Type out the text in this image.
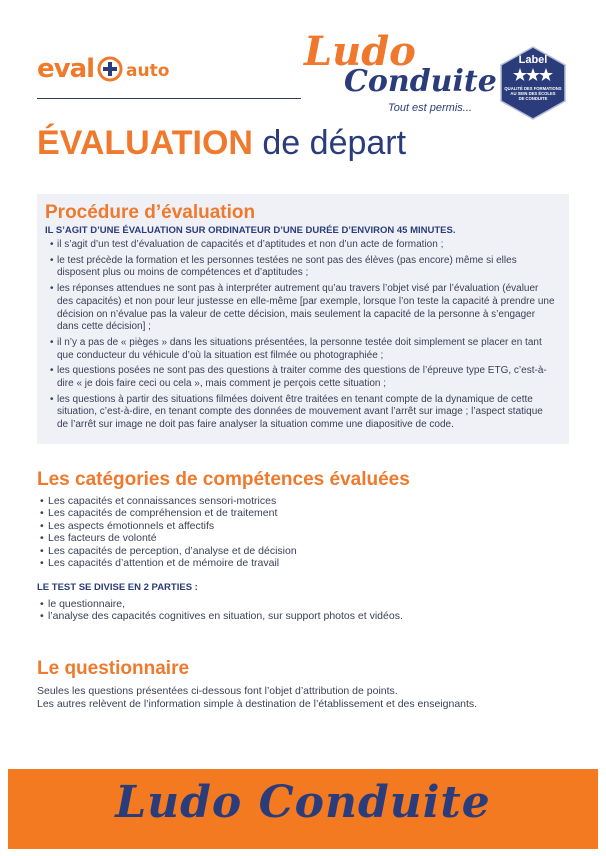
eval auto	Ludo
Conduite
Tout est permis...
Label
QUALITÉ DES FORMATIONS
AU SEIN DES ÉCOLES
DE CONDUITE
ÉVALUATION de départ
Procédure d’évaluation
IL S’AGIT D’UNE ÉVALUATION SUR ORDINATEUR D’UNE DURÉE D’ENVIRON 45 MINUTES.
• il s’agit d’un test d’évaluation de capacités et d’aptitudes et non d’un acte de formation ;
• le test précède la formation et les personnes testées ne sont pas des élèves (pas encore) même si elles disposent plus ou moins de compétences et d’aptitudes ;
• les réponses attendues ne sont pas à interpréter autrement qu’au travers l’objet visé par l’évaluation (évaluer des capacités) et non pour leur justesse en elle-même [par exemple, lorsque l’on teste la capacité à prendre une décision on n’évalue pas la valeur de cette décision, mais seulement la capacité de la personne à s’engager dans cette décision] ;
• il n’y a pas de « pièges » dans les situations présentées, la personne testée doit simplement se placer en tant que conducteur du véhicule d’où la situation est filmée ou photographiée ;
• les questions posées ne sont pas des questions à traiter comme des questions de l’épreuve type ETG, c’est-à-dire « je dois faire ceci ou cela », mais comment je perçois cette situation ;
• les questions à partir des situations filmées doivent être traitées en tenant compte de la dynamique de cette situation, c’est-à-dire, en tenant compte des données de mouvement avant l’arrêt sur image ; l’aspect statique de l’arrêt sur image ne doit pas faire analyser la situation comme une diapositive de code.
Les catégories de compétences évaluées
• Les capacités et connaissances sensori-motrices
• Les capacités de compréhension et de traitement
• Les aspects émotionnels et affectifs
• Les facteurs de volonté
• Les capacités de perception, d’analyse et de décision
• Les capacités d’attention et de mémoire de travail
LE TEST SE DIVISE EN 2 PARTIES :
• le questionnaire,
• l’analyse des capacités cognitives en situation, sur support photos et vidéos.
Le questionnaire
Seules les questions présentées ci-dessous font l’objet d’attribution de points.
Les autres relèvent de l’information simple à destination de l’établissement et des enseignants.
Ludo Conduite
